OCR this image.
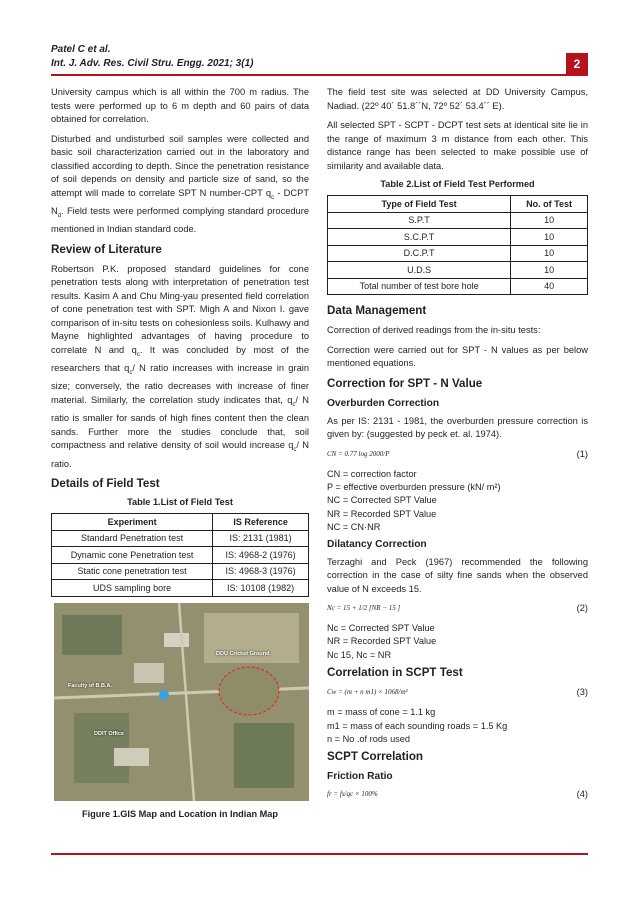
Patel C et al.
Int. J. Adv. Res. Civil Stru. Engg. 2021; 3(1)	2

University campus which is all within the 700 m radius. The tests were performed up to 6 m depth and 60 pairs of data obtained for correlation.

Disturbed and undisturbed soil samples were collected and basic soil characterization carried out in the laboratory and classified according to depth. Since the penetration resistance of soil depends on density and particle size of sand, so the attempt will made to correlate SPT N number-CPT $q_c$ - DCPT $N_d$. Field tests were performed complying standard procedure mentioned in Indian standard code.

Review of Literature

Robertson P.K. proposed standard guidelines for cone penetration tests along with interpretation of penetration test results. Kasim A and Chu Ming-yau presented field correlation of cone penetration test with SPT. Migh A and Nixon I. gave comparison of in-situ tests on cohesionless soils. Kulhawy and Mayne highlighted advantages of having procedure to correlate N and $q_c$. It was concluded by most of the researchers that $q_c/$ N ratio increases with increase in grain size; conversely, the ratio decreases with increase of finer material. Similarly, the correlation study indicates that, $q_c/$ N ratio is smaller for sands of high fines content then the clean sands. Further more the studies conclude that, soil compactness and relative density of soil would increase $q_c/$ N ratio.

Details of Field Test
Table 1.List of Field Test
Experiment	IS Reference
Standard Penetration test	IS: 2131 (1981)
Dynamic cone Penetration test	IS: 4968-2 (1976)
Static cone penetration test	IS: 4968-3 (1976)
UDS sampling bore	IS: 10108 (1982)
DDU Cricket Ground
Faculty of B.B.A.
DDIT Office
Figure 1.GIS Map and Location in Indian Map

The field test site was selected at DD University Campus, Nadiad. (22º 40´ 51.8´´N, 72º 52´ 53.4´´ E).

All selected SPT - SCPT - DCPT test sets at identical site lie in the range of maximum 3 m distance from each other. This distance range has been selected to make possible use of similarity and available data.

Table 2.List of Field Test Performed
Type of Field Test	No. of Test
S.P.T	10
S.C.P.T	10
D.C.P.T	10
U.D.S	10
Total number of test bore hole	40
Data Management

Correction of derived readings from the in-situ tests:

Correction were carried out for SPT - N values as per below mentioned equations.

Correction for SPT - N Value
Overburden Correction

As per IS: 2131 - 1981, the overburden pressure correction is given by: (suggested by peck et. al. 1974).

CN = 0.77 log 2000/P	(1)
CN = correction factor
P = effective overburden pressure (kN/ m²)
NC = Corrected SPT Value
NR = Recorded SPT Value
NC = CN·NR
Dilatancy Correction

Terzaghi and Peck (1967) recommended the following correction in the case of silty fine sands when the observed value of N exceeds 15.

Nc = 15 + 1/2 [NR − 15 ]	(2)
Nc = Corrected SPT Value
NR = Recorded SPT Value
Nc 15, Nc = NR
Correlation in SCPT Test
Cw = (m + n m1) × 1068/m²	(3)
m = mass of cone = 1.1 kg
m1 = mass of each sounding roads = 1.5 Kg
n = No .of rods used
SCPT Correlation
Friction Ratio
fr = fs/qc × 100%	(4)
